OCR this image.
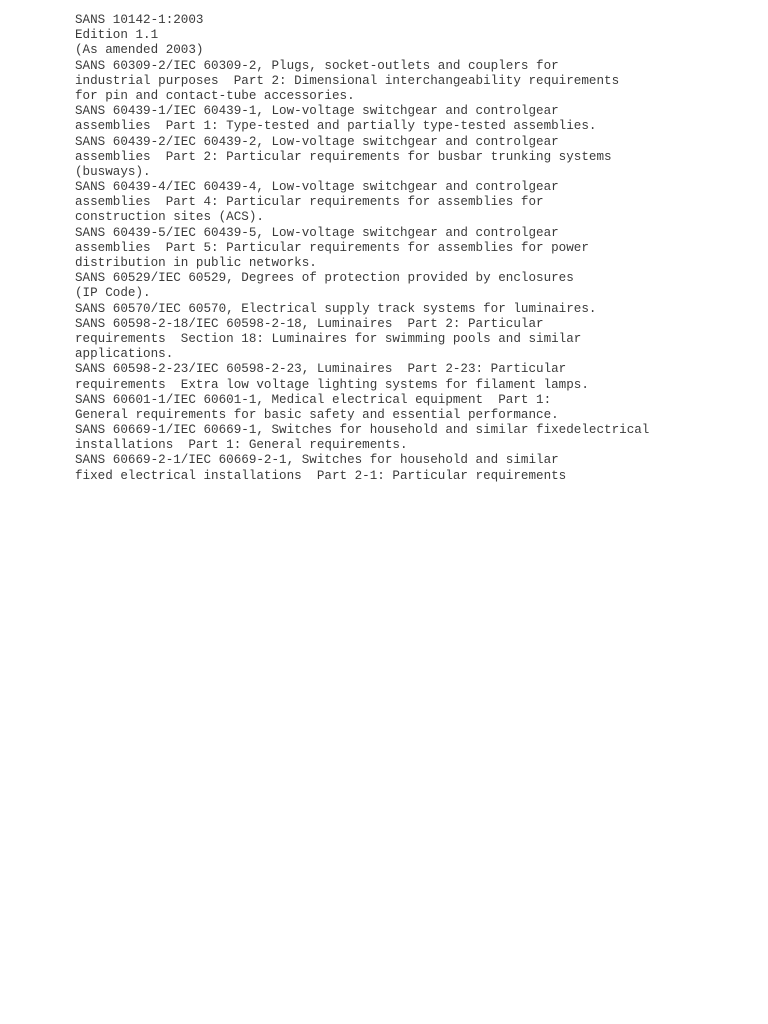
SANS 10142-1:2003
Edition 1.1
(As amended 2003)
SANS 60309-2/IEC 60309-2, Plugs, socket-outlets and couplers for
industrial purposes  Part 2: Dimensional interchangeability requirements
for pin and contact-tube accessories.
SANS 60439-1/IEC 60439-1, Low-voltage switchgear and controlgear
assemblies  Part 1: Type-tested and partially type-tested assemblies.
SANS 60439-2/IEC 60439-2, Low-voltage switchgear and controlgear
assemblies  Part 2: Particular requirements for busbar trunking systems
(busways).
SANS 60439-4/IEC 60439-4, Low-voltage switchgear and controlgear
assemblies  Part 4: Particular requirements for assemblies for
construction sites (ACS).
SANS 60439-5/IEC 60439-5, Low-voltage switchgear and controlgear
assemblies  Part 5: Particular requirements for assemblies for power
distribution in public networks.
SANS 60529/IEC 60529, Degrees of protection provided by enclosures
(IP Code).
SANS 60570/IEC 60570, Electrical supply track systems for luminaires.
SANS 60598-2-18/IEC 60598-2-18, Luminaires  Part 2: Particular
requirements  Section 18: Luminaires for swimming pools and similar
applications.
SANS 60598-2-23/IEC 60598-2-23, Luminaires  Part 2-23: Particular
requirements  Extra low voltage lighting systems for filament lamps.
SANS 60601-1/IEC 60601-1, Medical electrical equipment  Part 1:
General requirements for basic safety and essential performance.
SANS 60669-1/IEC 60669-1, Switches for household and similar fixedelectrical
installations  Part 1: General requirements.
SANS 60669-2-1/IEC 60669-2-1, Switches for household and similar
fixed electrical installations  Part 2-1: Particular requirements
